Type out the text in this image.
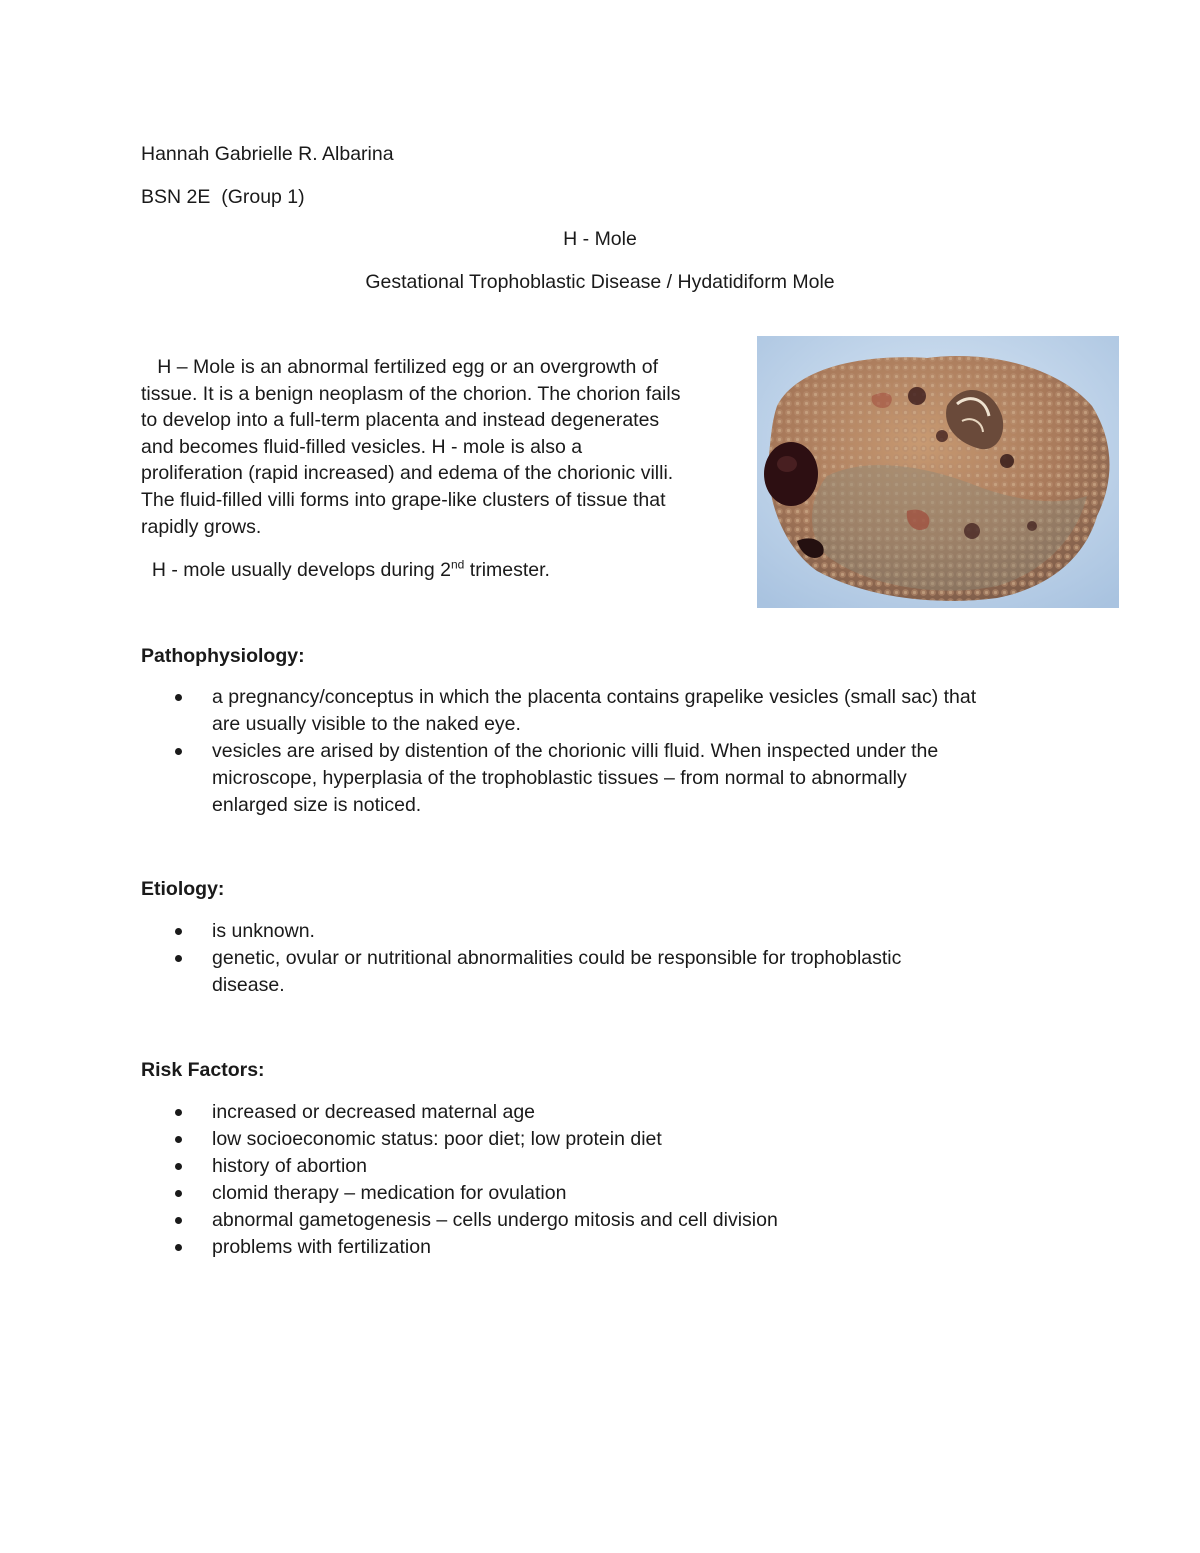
Hannah Gabrielle R. Albarina

BSN 2E  (Group 1)

H - Mole

Gestational Trophoblastic Disease / Hydatidiform Mole

H – Mole is an abnormal fertilized egg or an overgrowth of

tissue. It is a benign neoplasm of the chorion. The chorion fails

to develop into a full-term placenta and instead degenerates

and becomes fluid-filled vesicles. H - mole is also a

proliferation (rapid increased) and edema of the chorionic villi.

The fluid-filled villi forms into grape-like clusters of tissue that

rapidly grows.

H - mole usually develops during 2nd trimester.

Pathophysiology:

a pregnancy/conceptus in which the placenta contains grapelike vesicles (small sac) that
are usually visible to the naked eye.
vesicles are arised by distention of the chorionic villi fluid. When inspected under the
microscope, hyperplasia of the trophoblastic tissues – from normal to abnormally
enlarged size is noticed.

Etiology:

is unknown.
genetic, ovular or nutritional abnormalities could be responsible for trophoblastic
disease.

Risk Factors:

increased or decreased maternal age
low socioeconomic status: poor diet; low protein diet
history of abortion
clomid therapy – medication for ovulation
abnormal gametogenesis – cells undergo mitosis and cell division
problems with fertilization
